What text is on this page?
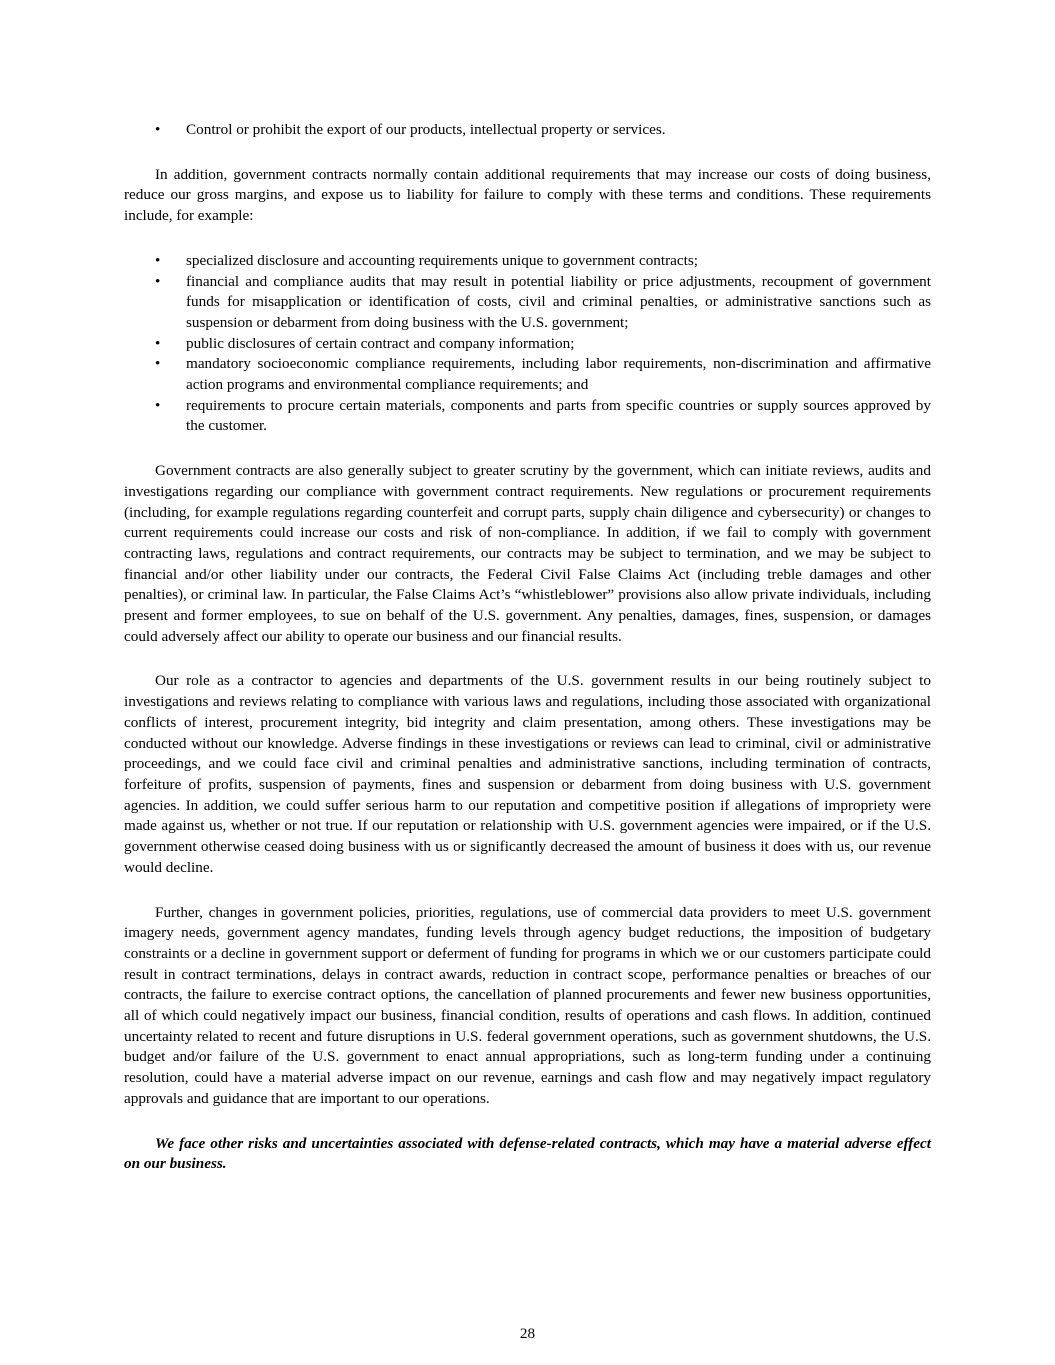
• Control or prohibit the export of our products, intellectual property or services.

In addition, government contracts normally contain additional requirements that may increase our costs of doing business, reduce our gross margins, and expose us to liability for failure to comply with these terms and conditions. These requirements include, for example:

• specialized disclosure and accounting requirements unique to government contracts;
• financial and compliance audits that may result in potential liability or price adjustments, recoupment of government funds for misapplication or identification of costs, civil and criminal penalties, or administrative sanctions such as suspension or debarment from doing business with the U.S. government;
• public disclosures of certain contract and company information;
• mandatory socioeconomic compliance requirements, including labor requirements, non-discrimination and affirmative action programs and environmental compliance requirements; and
• requirements to procure certain materials, components and parts from specific countries or supply sources approved by the customer.

Government contracts are also generally subject to greater scrutiny by the government, which can initiate reviews, audits and investigations regarding our compliance with government contract requirements. New regulations or procurement requirements (including, for example regulations regarding counterfeit and corrupt parts, supply chain diligence and cybersecurity) or changes to current requirements could increase our costs and risk of non-compliance. In addition, if we fail to comply with government contracting laws, regulations and contract requirements, our contracts may be subject to termination, and we may be subject to financial and/or other liability under our contracts, the Federal Civil False Claims Act (including treble damages and other penalties), or criminal law. In particular, the False Claims Act’s “whistleblower” provisions also allow private individuals, including present and former employees, to sue on behalf of the U.S. government. Any penalties, damages, fines, suspension, or damages could adversely affect our ability to operate our business and our financial results.

Our role as a contractor to agencies and departments of the U.S. government results in our being routinely subject to investigations and reviews relating to compliance with various laws and regulations, including those associated with organizational conflicts of interest, procurement integrity, bid integrity and claim presentation, among others. These investigations may be conducted without our knowledge. Adverse findings in these investigations or reviews can lead to criminal, civil or administrative proceedings, and we could face civil and criminal penalties and administrative sanctions, including termination of contracts, forfeiture of profits, suspension of payments, fines and suspension or debarment from doing business with U.S. government agencies. In addition, we could suffer serious harm to our reputation and competitive position if allegations of impropriety were made against us, whether or not true. If our reputation or relationship with U.S. government agencies were impaired, or if the U.S. government otherwise ceased doing business with us or significantly decreased the amount of business it does with us, our revenue would decline.

Further, changes in government policies, priorities, regulations, use of commercial data providers to meet U.S. government imagery needs, government agency mandates, funding levels through agency budget reductions, the imposition of budgetary constraints or a decline in government support or deferment of funding for programs in which we or our customers participate could result in contract terminations, delays in contract awards, reduction in contract scope, performance penalties or breaches of our contracts, the failure to exercise contract options, the cancellation of planned procurements and fewer new business opportunities, all of which could negatively impact our business, financial condition, results of operations and cash flows. In addition, continued uncertainty related to recent and future disruptions in U.S. federal government operations, such as government shutdowns, the U.S. budget and/or failure of the U.S. government to enact annual appropriations, such as long-term funding under a continuing resolution, could have a material adverse impact on our revenue, earnings and cash flow and may negatively impact regulatory approvals and guidance that are important to our operations.

We face other risks and uncertainties associated with defense-related contracts, which may have a material adverse effect on our business.

28
